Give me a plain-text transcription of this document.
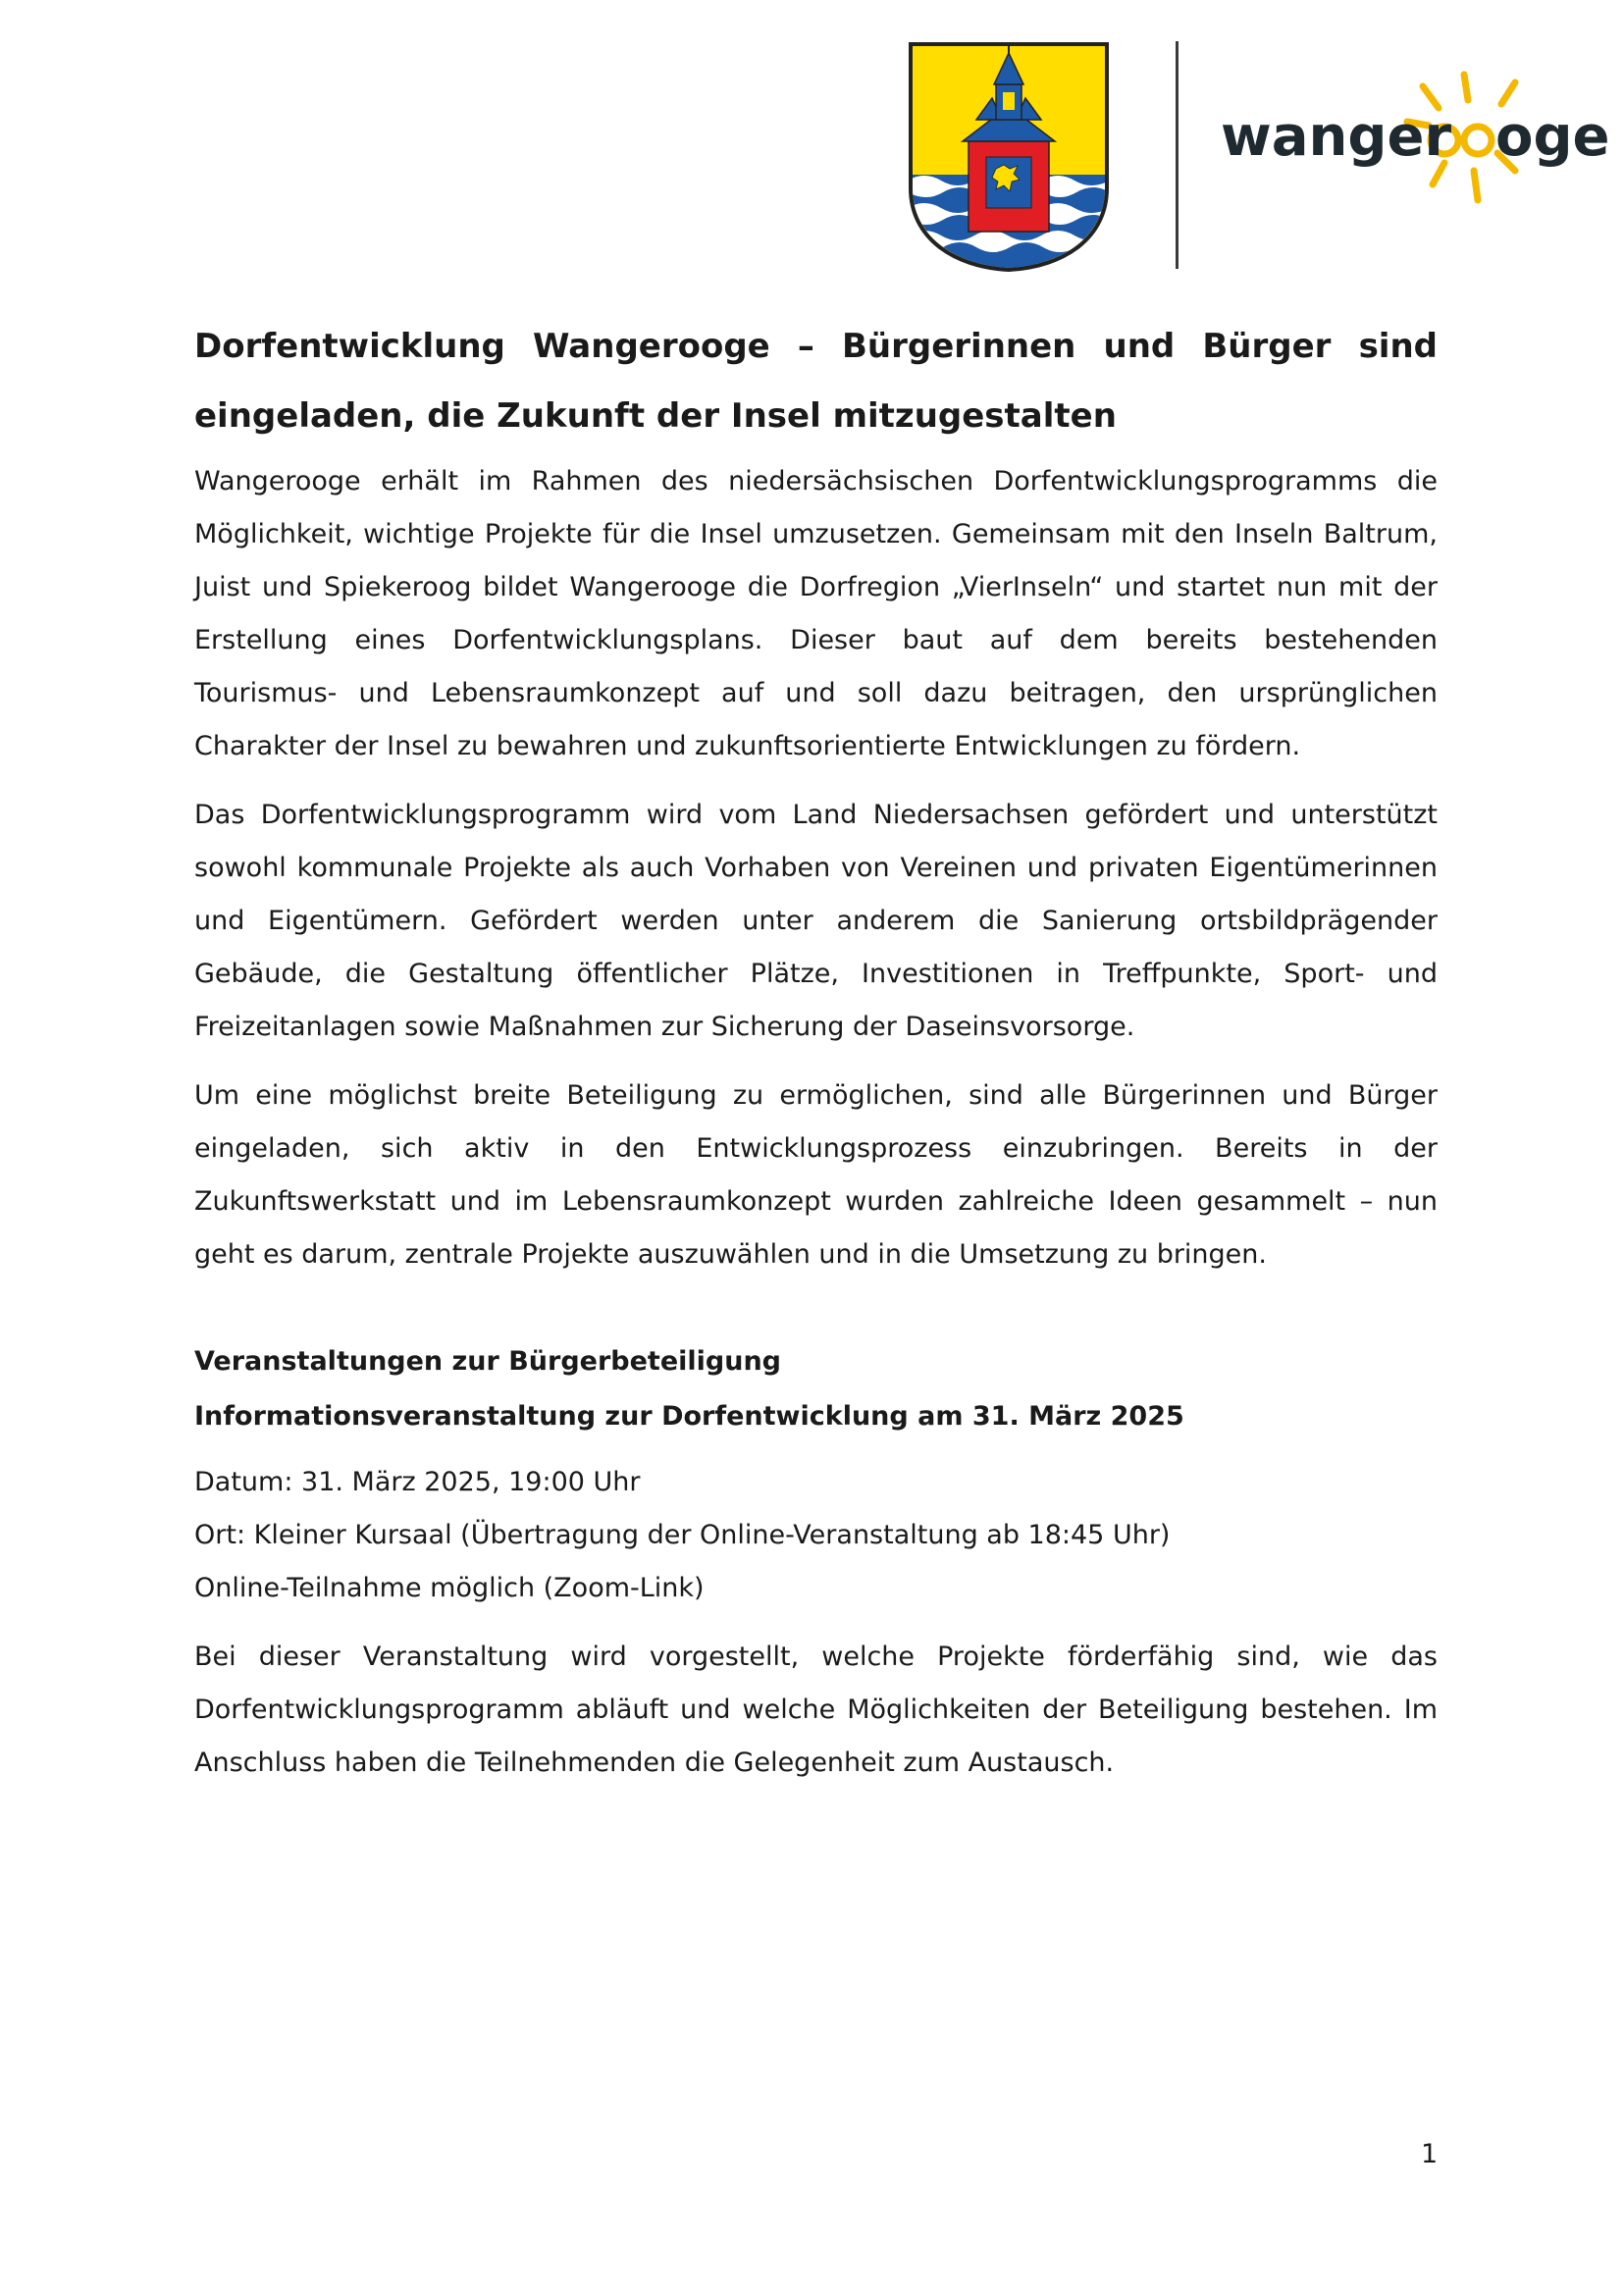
wanger oge
Dorfentwicklung Wangerooge – Bürgerinnen und Bürger sind eingeladen, die Zukunft der Insel mitzugestalten

Wangerooge erhält im Rahmen des niedersächsischen Dorfentwicklungsprogramms die Möglichkeit, wichtige Projekte für die Insel umzusetzen. Gemeinsam mit den Inseln Baltrum, Juist und Spiekeroog bildet Wangerooge die Dorfregion „VierInseln“ und startet nun mit der Erstellung eines Dorfentwicklungsplans. Dieser baut auf dem bereits bestehenden Tourismus- und Lebensraumkonzept auf und soll dazu beitragen, den ursprünglichen Charakter der Insel zu bewahren und zukunftsorientierte Entwicklungen zu fördern.

Das Dorfentwicklungsprogramm wird vom Land Niedersachsen gefördert und unterstützt sowohl kommunale Projekte als auch Vorhaben von Vereinen und privaten Eigentümerinnen und Eigentümern. Gefördert werden unter anderem die Sanierung ortsbildprägender Gebäude, die Gestaltung öffentlicher Plätze, Investitionen in Treffpunkte, Sport- und Freizeitanlagen sowie Maßnahmen zur Sicherung der Daseinsvorsorge.

Um eine möglichst breite Beteiligung zu ermöglichen, sind alle Bürgerinnen und Bürger eingeladen, sich aktiv in den Entwicklungsprozess einzubringen. Bereits in der Zukunftswerkstatt und im Lebensraumkonzept wurden zahlreiche Ideen gesammelt – nun geht es darum, zentrale Projekte auszuwählen und in die Umsetzung zu bringen.

Veranstaltungen zur Bürgerbeteiligung

Informationsveranstaltung zur Dorfentwicklung am 31. März 2025

Datum: 31. März 2025, 19:00 Uhr

Ort: Kleiner Kursaal (Übertragung der Online-Veranstaltung ab 18:45 Uhr)

Online-Teilnahme möglich (Zoom-Link)

Bei dieser Veranstaltung wird vorgestellt, welche Projekte förderfähig sind, wie das Dorfentwicklungsprogramm abläuft und welche Möglichkeiten der Beteiligung bestehen. Im Anschluss haben die Teilnehmenden die Gelegenheit zum Austausch.

1
